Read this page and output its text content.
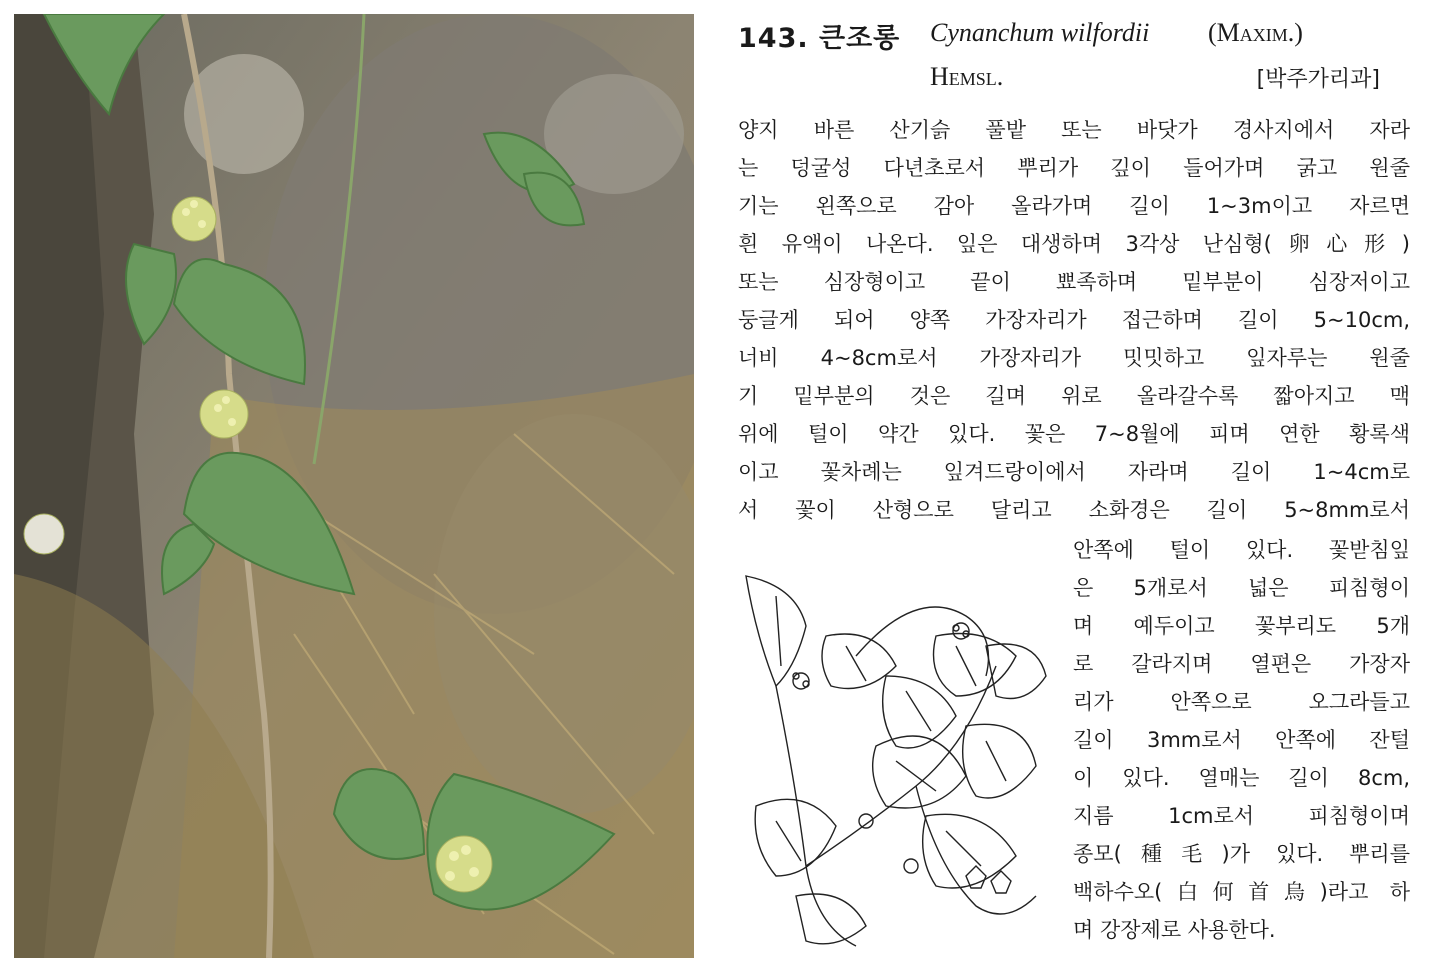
143. 큰조롱 Cynanchum wilfordii (Maxim.)
Hemsl.	[박주가리과]
양지 바른 산기슭 풀밭 또는 바닷가 경사지에서 자라
는 덩굴성 다년초로서 뿌리가 깊이 들어가며 굵고 원줄
기는 왼쪽으로 감아 올라가며 길이 1~3m이고 자르면
흰 유액이 나온다. 잎은 대생하며 3각상 난심형(卵心形)
또는 심장형이고 끝이 뾰족하며 밑부분이 심장저이고
둥글게 되어 양쪽 가장자리가 접근하며 길이 5~10cm,
너비 4~8cm로서 가장자리가 밋밋하고 잎자루는 원줄
기 밑부분의 것은 길며 위로 올라갈수록 짧아지고 맥
위에 털이 약간 있다. 꽃은 7~8월에 피며 연한 황록색
이고 꽃차례는 잎겨드랑이에서 자라며 길이 1~4cm로
서 꽃이 산형으로 달리고 소화경은 길이 5~8mm로서
안쪽에 털이 있다. 꽃받침잎
은 5개로서 넓은 피침형이
며 예두이고 꽃부리도 5개
로 갈라지며 열편은 가장자
리가 안쪽으로 오그라들고
길이 3mm로서 안쪽에 잔털
이 있다. 열매는 길이 8cm,
지름 1cm로서 피침형이며
종모(種毛)가 있다. 뿌리를
백하수오(白何首烏)라고 하
며 강장제로 사용한다.
